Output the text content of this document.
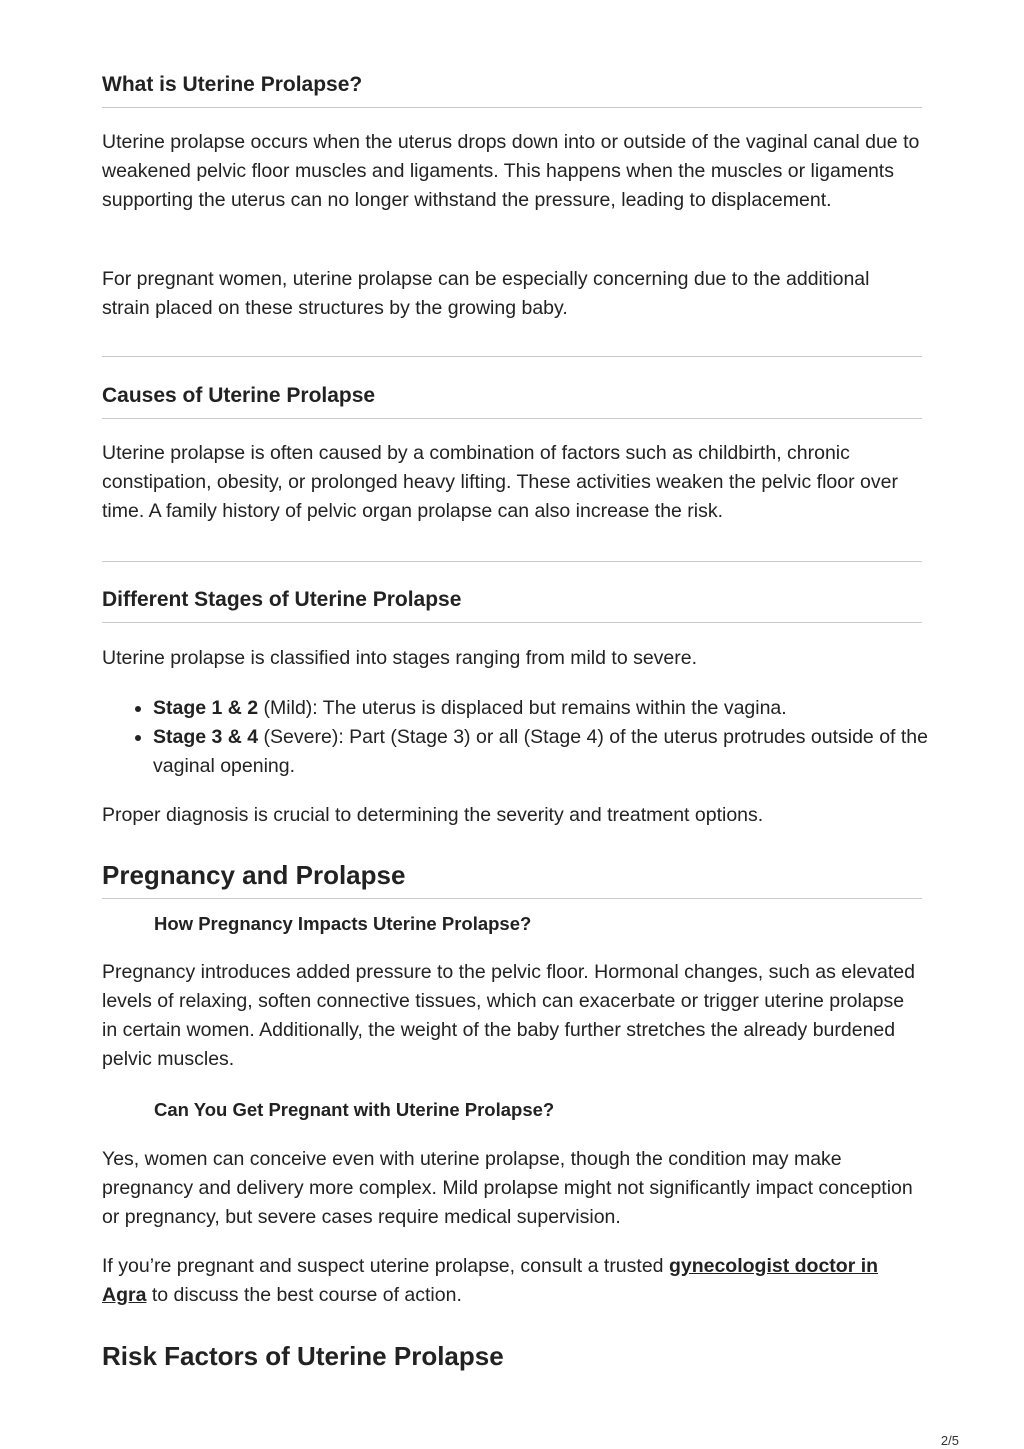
What is Uterine Prolapse?

Uterine prolapse occurs when the uterus drops down into or outside of the vaginal canal due to weakened pelvic floor muscles and ligaments. This happens when the muscles or ligaments supporting the uterus can no longer withstand the pressure, leading to displacement.

For pregnant women, uterine prolapse can be especially concerning due to the additional strain placed on these structures by the growing baby.

Causes of Uterine Prolapse

Uterine prolapse is often caused by a combination of factors such as childbirth, chronic constipation, obesity, or prolonged heavy lifting. These activities weaken the pelvic floor over time. A family history of pelvic organ prolapse can also increase the risk.

Different Stages of Uterine Prolapse

Uterine prolapse is classified into stages ranging from mild to severe.

• Stage 1 & 2 (Mild): The uterus is displaced but remains within the vagina.
• Stage 3 & 4 (Severe): Part (Stage 3) or all (Stage 4) of the uterus protrudes outside of the vaginal opening.

Proper diagnosis is crucial to determining the severity and treatment options.

Pregnancy and Prolapse
How Pregnancy Impacts Uterine Prolapse?

Pregnancy introduces added pressure to the pelvic floor. Hormonal changes, such as elevated levels of relaxing, soften connective tissues, which can exacerbate or trigger uterine prolapse in certain women. Additionally, the weight of the baby further stretches the already burdened pelvic muscles.

Can You Get Pregnant with Uterine Prolapse?

Yes, women can conceive even with uterine prolapse, though the condition may make pregnancy and delivery more complex. Mild prolapse might not significantly impact conception or pregnancy, but severe cases require medical supervision.

If you’re pregnant and suspect uterine prolapse, consult a trusted gynecologist doctor in Agra to discuss the best course of action.

Risk Factors of Uterine Prolapse
2/5
